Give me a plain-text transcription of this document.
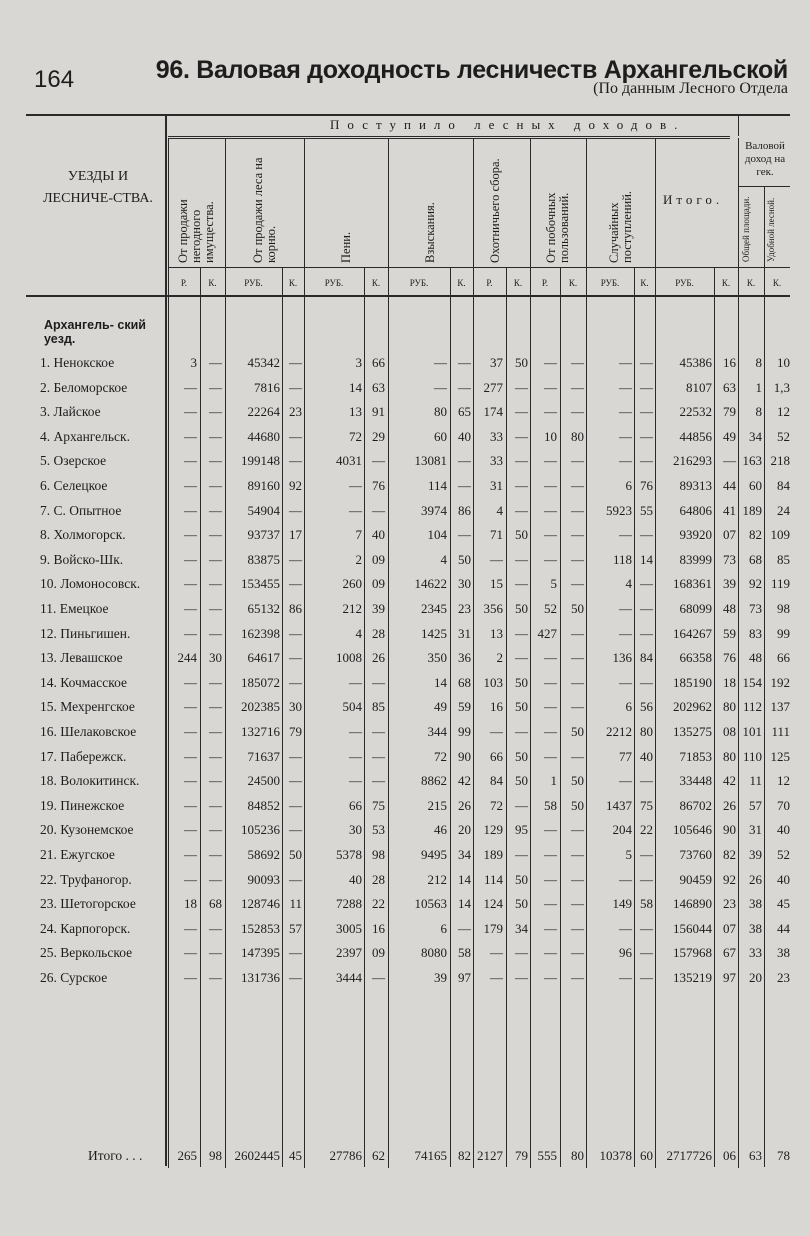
164	96. Валовая доходность лесничеств Архангельской
(По данным Лесного Отдела
УЕЗДЫ И ЛЕСНИЧЕ-СТВА.
Поступило лесных доходов.
От продажи негодного имущества.
Р.	К.
От продажи леса на корню.
РУБ.	К.
Пени.
РУБ.	К.
Взыскания.
РУБ.	К.
Охотничьего сбора.
Р.	К.
От побочных пользований.
Р.	К.
Случайных поступлений.
РУБ.	К.
Итого.
РУБ.	К.
Валовой доход на гек.
Общей площади.	Удобной лесной.
К.	К.
Архангель- ский уезд.
1. Ненокское	3 —	45342 —	3 66	— —	37 50	—	—	— —	45386 16	8	10
2. Беломорское	— —	7816 —	14 63	— — 277 —	—	—	— —	8107 63	1 1,3
3. Лайское	— —	22264 23	13 91	80 65 174 —	—	—	— —	22532 79	8	12
4. Архангельск.	— —	44680 —	72 29	60 40	33 —	10	80	— —	44856 49	34	52
5. Озерское	— —	199148 —	4031 —	13081 —	33 —	—	—	— —	216293 — 163 218
6. Селецкое	— —	89160 92	— 76	114 —	31 —	—	—	6 76	89313 44	60	84
7. С. Опытное	— —	54904 —	— —	3974 86	4 —	—	—	5923 55	64806 41 189	24
8. Холмогорск.	— —	93737 17	7 40	104 —	71 50	—	—	— —	93920 07	82 109
9. Войско-Шк.	— —	83875 —	2 09	4 50	— —	—	—	118 14	83999 73	68	85
10. Ломоносовск.	— —	153455 —	260 09	14622 30	15 —	5	—	4 —	168361 39	92 119
11. Емецкое	— —	65132 86	212 39	2345 23 356 50	52	50	— —	68099 48	73	98
12. Пиньгишен.	— —	162398 —	4 28	1425 31	13 — 427	—	— —	164267 59	83	99
13. Левашское	244 30	64617 —	1008 26	350 36	2 —	—	—	136 84	66358 76	48	66
14. Кочмасское	— —	185072 —	— —	14 68 103 50	—	—	— —	185190 18 154 192
15. Мехренгское	— —	202385 30	504 85	49 59	16 50	—	—	6 56	202962 80 112 137
16. Шелаковское	— —	132716 79	— —	344 99	— —	—	50	2212 80	135275 08 101 111
17. Пабережск.	— —	71637 —	— —	72 90	66 50	—	—	77 40	71853 80 110 125
18. Волокитинск.	— —	24500 —	— —	8862 42	84 50	1	50	— —	33448 42	11	12
19. Пинежское	— —	84852 —	66 75	215 26	72 —	58	50	1437 75	86702 26	57	70
20. Кузонемское	— —	105236 —	30 53	46 20 129 95	—	—	204 22	105646 90	31	40
21. Ежугское	— —	58692 50	5378 98	9495 34 189 —	—	—	5 —	73760 82	39	52
22. Труфаногор.	— —	90093 —	40 28	212 14 114 50	—	—	— —	90459 92	26	40
23. Шетогорское	18 68	128746 11	7288 22	10563 14 124 50	—	—	149 58	146890 23	38	45
24. Карпогорск.	— —	152853 57	3005 16	6 — 179 34	—	—	— —	156044 07	38	44
25. Веркольское	— —	147395 —	2397 09	8080 58	— —	—	—	96 —	157968 67	33	38
26. Сурское	— —	131736 —	3444 —	39 97	— —	—	—	— —	135219 97	20	23
Итого . . .	265 98 2602445 45	27786 62	74165 82 2127 79 555	80	10378 60	2717726 06	63	78
